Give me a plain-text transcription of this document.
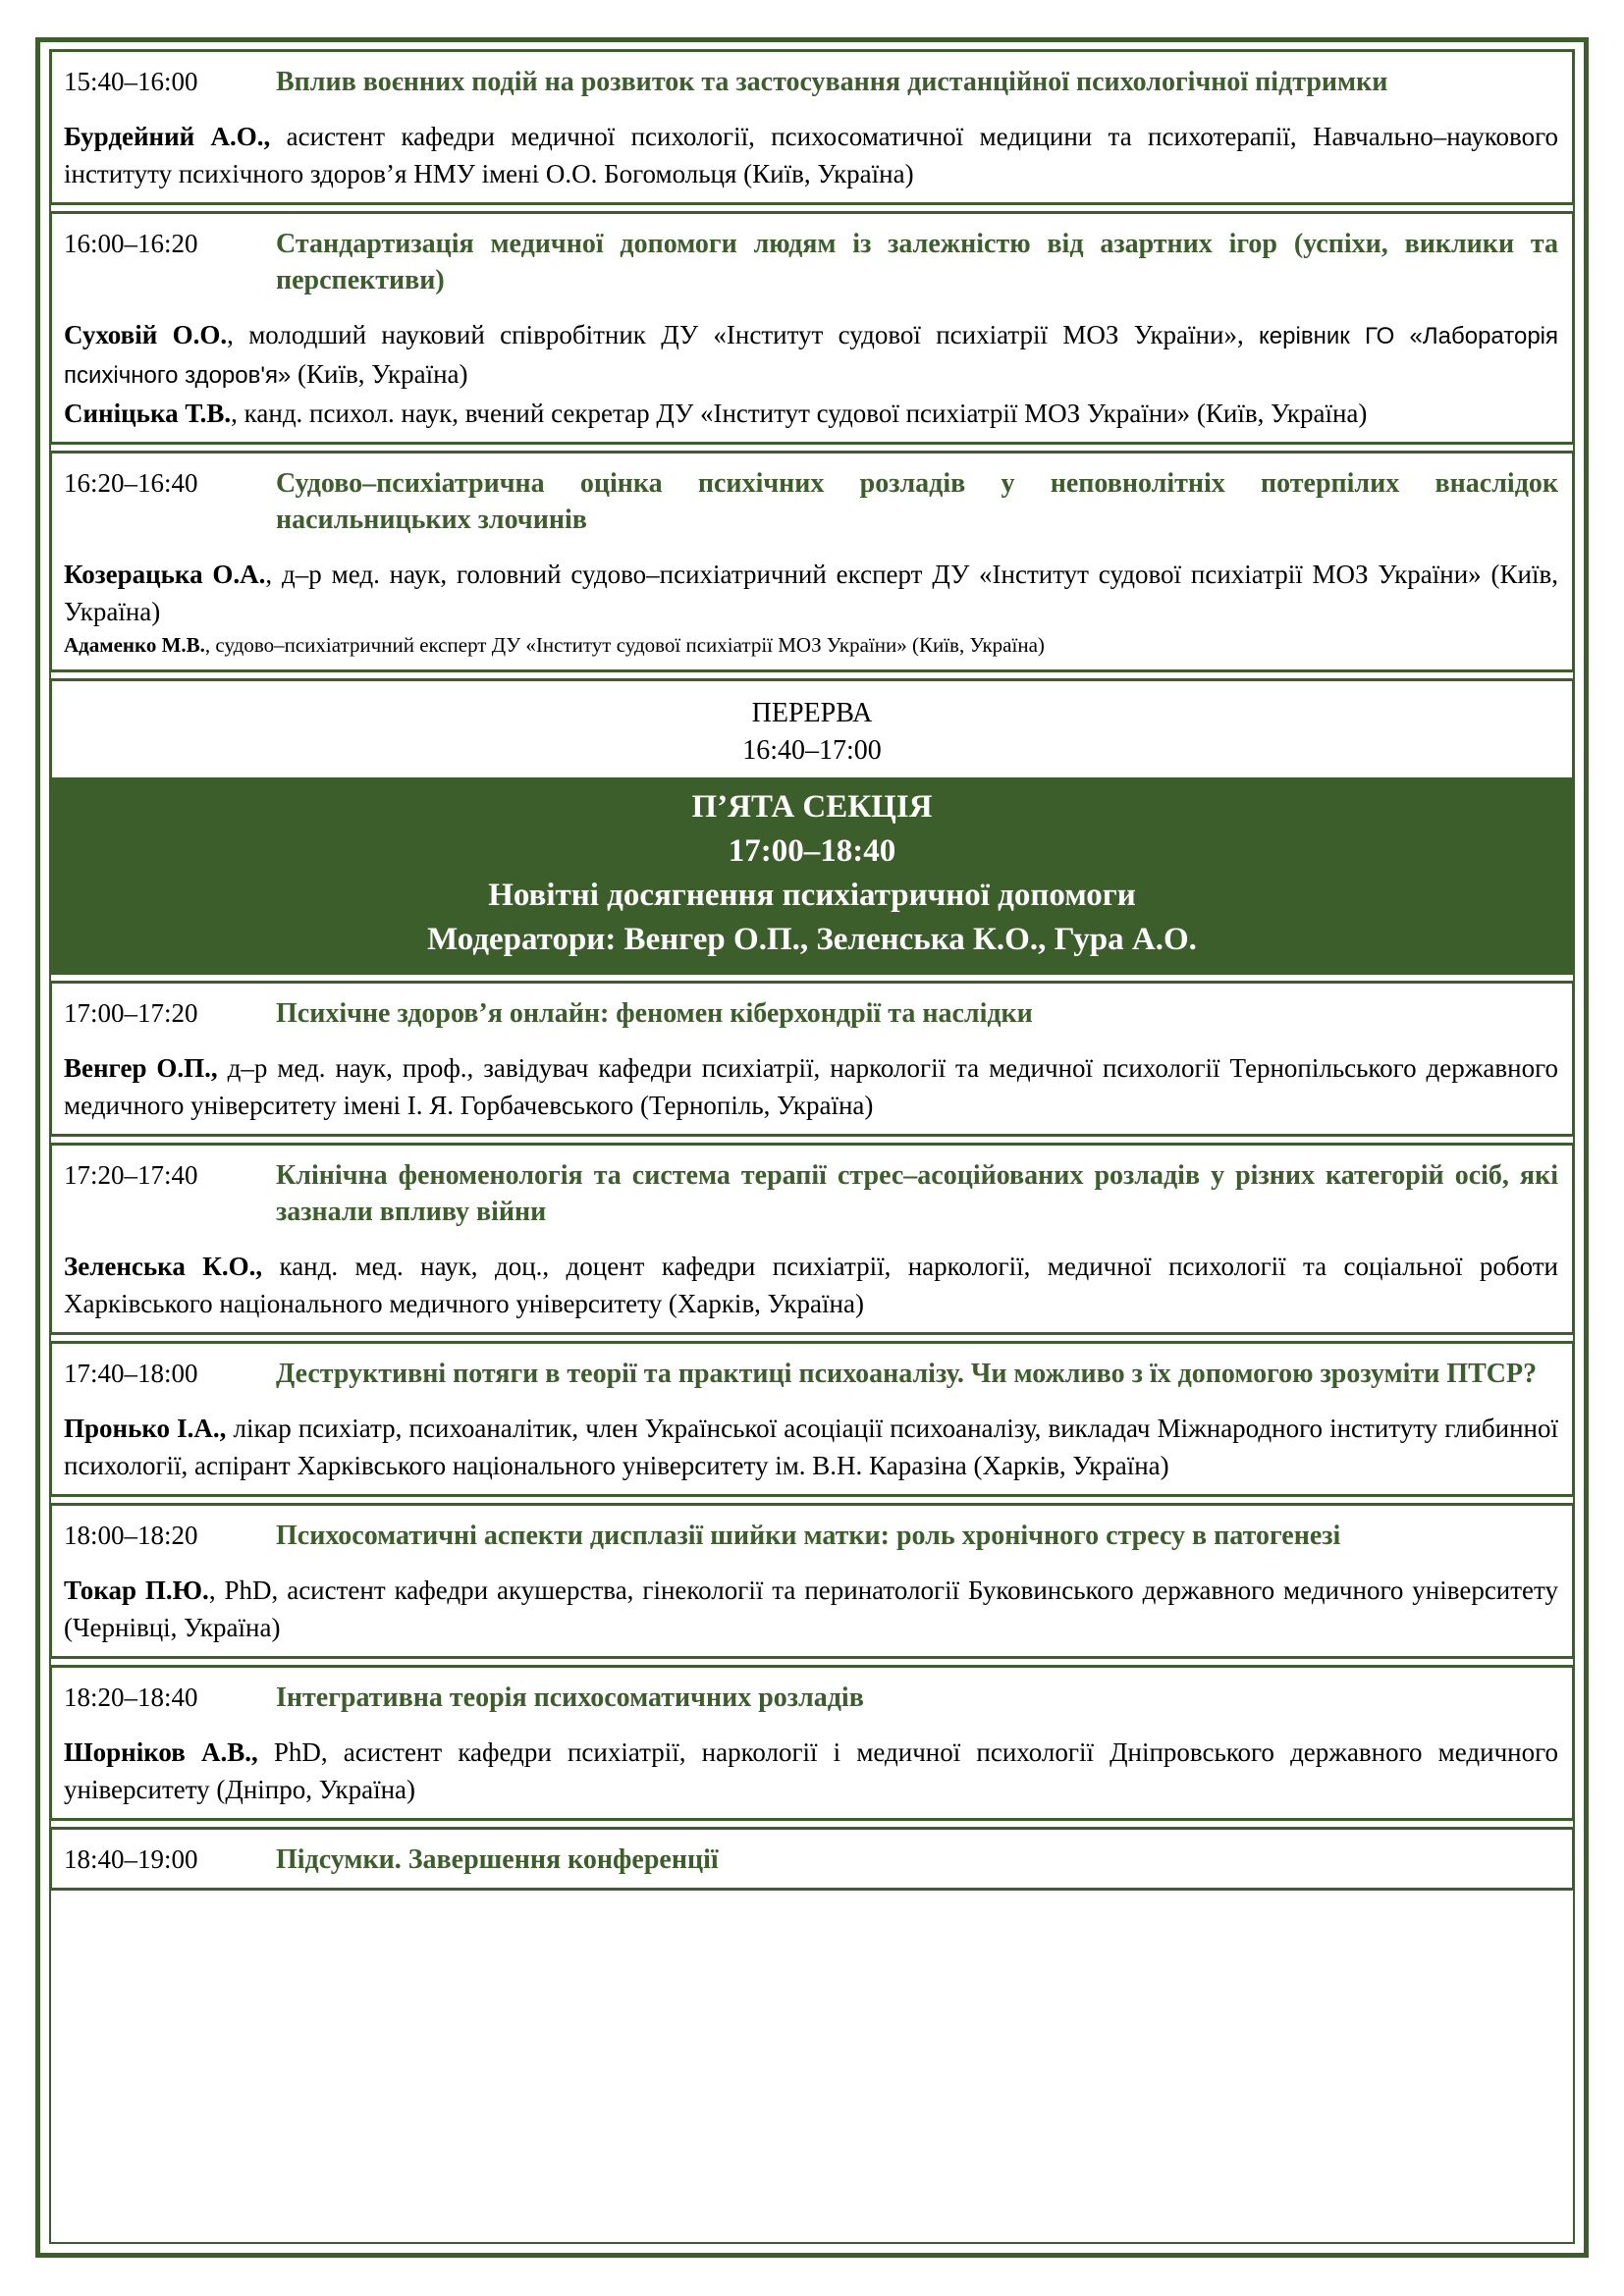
15:40–16:00	Вплив воєнних подій на розвиток та застосування дистанційної психологічної підтримки
Бурдейний А.О., асистент кафедри медичної психології, психосоматичної медицини та психотерапії, Навчально–наукового інституту психічного здоров’я НМУ імені О.О. Богомольця (Київ, Україна)
16:00–16:20	Стандартизація медичної допомоги людям із залежністю від азартних ігор (успіхи, виклики та перспективи)
Суховій О.О., молодший науковий співробітник ДУ «Інститут судової психіатрії МОЗ України», керівник ГО «Лабораторія психічного здоров'я» (Київ, Україна)
Синіцька Т.В., канд. психол. наук, вчений секретар ДУ «Інститут судової психіатрії МОЗ України» (Київ, Україна)
16:20–16:40	Судово–психіатрична оцінка психічних розладів у неповнолітніх потерпілих внаслідок насильницьких злочинів
Козерацька О.А., д–р мед. наук, головний судово–психіатричний експерт ДУ «Інститут судової психіатрії МОЗ України» (Київ, Україна)
Адаменко М.В., судово–психіатричний експерт ДУ «Інститут судової психіатрії МОЗ України» (Київ, Україна)
ПЕРЕРВА
16:40–17:00
П’ЯТА СЕКЦІЯ
17:00–18:40
Новітні досягнення психіатричної допомоги
Модератори: Венгер О.П., Зеленська К.О., Гура А.О.
17:00–17:20	Психічне здоров’я онлайн: феномен кіберхондрії та наслідки
Венгер О.П., д–р мед. наук, проф., завідувач кафедри психіатрії, наркології та медичної психології Тернопільського державного медичного університету імені І. Я. Горбачевського (Тернопіль, Україна)
17:20–17:40	Клінічна феноменологія та система терапії стрес–асоційованих розладів у різних категорій осіб, які зазнали впливу війни
Зеленська К.О., канд. мед. наук, доц., доцент кафедри психіатрії, наркології, медичної психології та соціальної роботи Харківського національного медичного університету (Харків, Україна)
17:40–18:00	Деструктивні потяги в теорії та практиці психоаналізу. Чи можливо з їх допомогою зрозуміти ПТСР?
Пронько І.А., лікар психіатр, психоаналітик, член Української асоціації психоаналізу, викладач Міжнародного інституту глибинної психології, аспірант Харківського національного університету ім. В.Н. Каразіна (Харків, Україна)
18:00–18:20	Психосоматичні аспекти дисплазії шийки матки: роль хронічного стресу в патогенезі
Токар П.Ю., PhD, асистент кафедри акушерства, гінекології та перинатології Буковинського державного медичного університету (Чернівці, Україна)
18:20–18:40	Інтегративна теорія психосоматичних розладів
Шорніков А.В., PhD, асистент кафедри психіатрії, наркології і медичної психології Дніпровського державного медичного університету (Дніпро, Україна)
18:40–19:00	Підсумки. Завершення конференції
